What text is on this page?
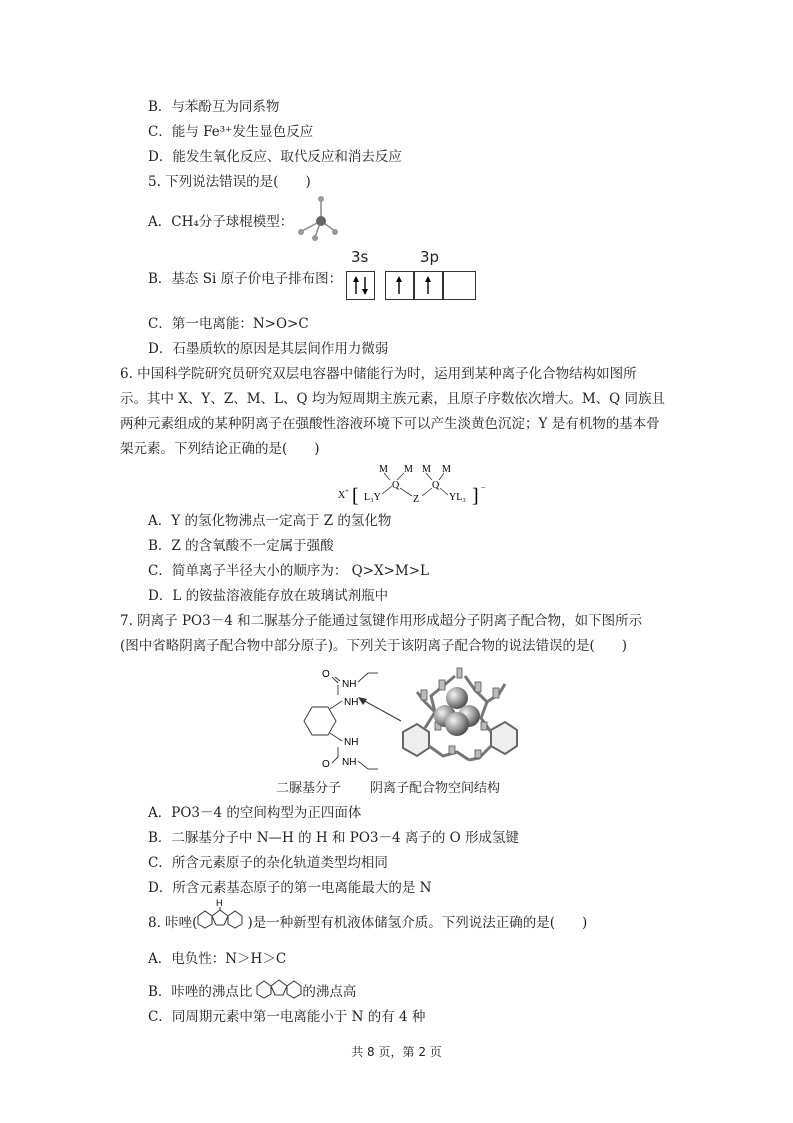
B．与苯酚互为同系物
C．能与 Fe³⁺发生显色反应
D．能发生氧化反应、取代反应和消去反应
5. 下列说法错误的是(　　)
A．CH₄分子球棍模型：
B．基态 Si 原子价电子排布图：
3s	3p
C．第一电离能：N>O>C
D．石墨质软的原因是其层间作用力微弱
6. 中国科学院研究员研究双层电容器中储能行为时，运用到某种离子化合物结构如图所
示。其中 X、Y、Z、M、L、Q 均为短周期主族元素，且原子序数依次增大。M、Q 同族且
两种元素组成的某种阴离子在强酸性溶液环境下可以产生淡黄色沉淀；Y 是有机物的基本骨
架元素。下列结论正确的是(　　)
X + [ L₃Y
Q
M M
Z
Q
M M
YL₃ ] −
A．Y 的氢化物沸点一定高于 Z 的氢化物
B．Z 的含氧酸不一定属于强酸
C．简单离子半径大小的顺序为： Q>X>M>L
D．L 的铵盐溶液能存放在玻璃试剂瓶中
7. 阴离子 PO3－4 和二脲基分子能通过氢键作用形成超分子阴离子配合物，如下图所示
(图中省略阴离子配合物中部分原子)。下列关于该阴离子配合物的说法错误的是(　　)
O
NH
NH
NH
O NH
二脲基分子 阴离子配合物空间结构
A．PO3－4 的空间构型为正四面体
B．二脲基分子中 N—H 的 H 和 PO3－4 离子的 O 形成氢键
C．所含元素原子的杂化轨道类型均相同
D．所含元素基态原子的第一电离能最大的是 N
8. 咔唑(	)是一种新型有机液体储氢介质。下列说法正确的是(　　)
H
A．电负性：N＞H＞C
B．咔唑的沸点比	的沸点高
C．同周期元素中第一电离能小于 N 的有 4 种
共 8 页，第 2 页
